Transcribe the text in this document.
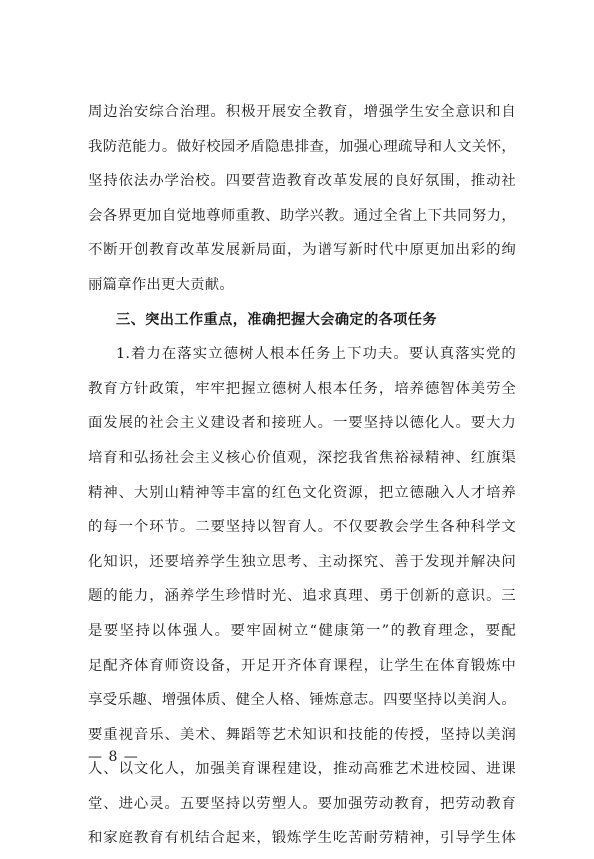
周边治安综合治理。积极开展安全教育，增强学生安全意识和自
我防范能力。做好校园矛盾隐患排查，加强心理疏导和人文关怀，
坚持依法办学治校。四要营造教育改革发展的良好氛围，推动社
会各界更加自觉地尊师重教、助学兴教。通过全省上下共同努力，
不断开创教育改革发展新局面，为谱写新时代中原更加出彩的绚
丽篇章作出更大贡献。
三、突出工作重点，准确把握大会确定的各项任务
1.着力在落实立德树人根本任务上下功夫。要认真落实党的
教育方针政策，牢牢把握立德树人根本任务，培养德智体美劳全
面发展的社会主义建设者和接班人。一要坚持以德化人。要大力
培育和弘扬社会主义核心价值观，深挖我省焦裕禄精神、红旗渠
精神、大别山精神等丰富的红色文化资源，把立德融入人才培养
的每一个环节。二要坚持以智育人。不仅要教会学生各种科学文
化知识，还要培养学生独立思考、主动探究、善于发现并解决问
题的能力，涵养学生珍惜时光、追求真理、勇于创新的意识。三
是要坚持以体强人。要牢固树立“健康第一”的教育理念，要配
足配齐体育师资设备，开足开齐体育课程，让学生在体育锻炼中
享受乐趣、增强体质、健全人格、锤炼意志。四要坚持以美润人。
要重视音乐、美术、舞蹈等艺术知识和技能的传授，坚持以美润
人、以文化人，加强美育课程建设，推动高雅艺术进校园、进课
堂、进心灵。五要坚持以劳塑人。要加强劳动教育，把劳动教育
和家庭教育有机结合起来，锻炼学生吃苦耐劳精神，引导学生体
— 8 —
